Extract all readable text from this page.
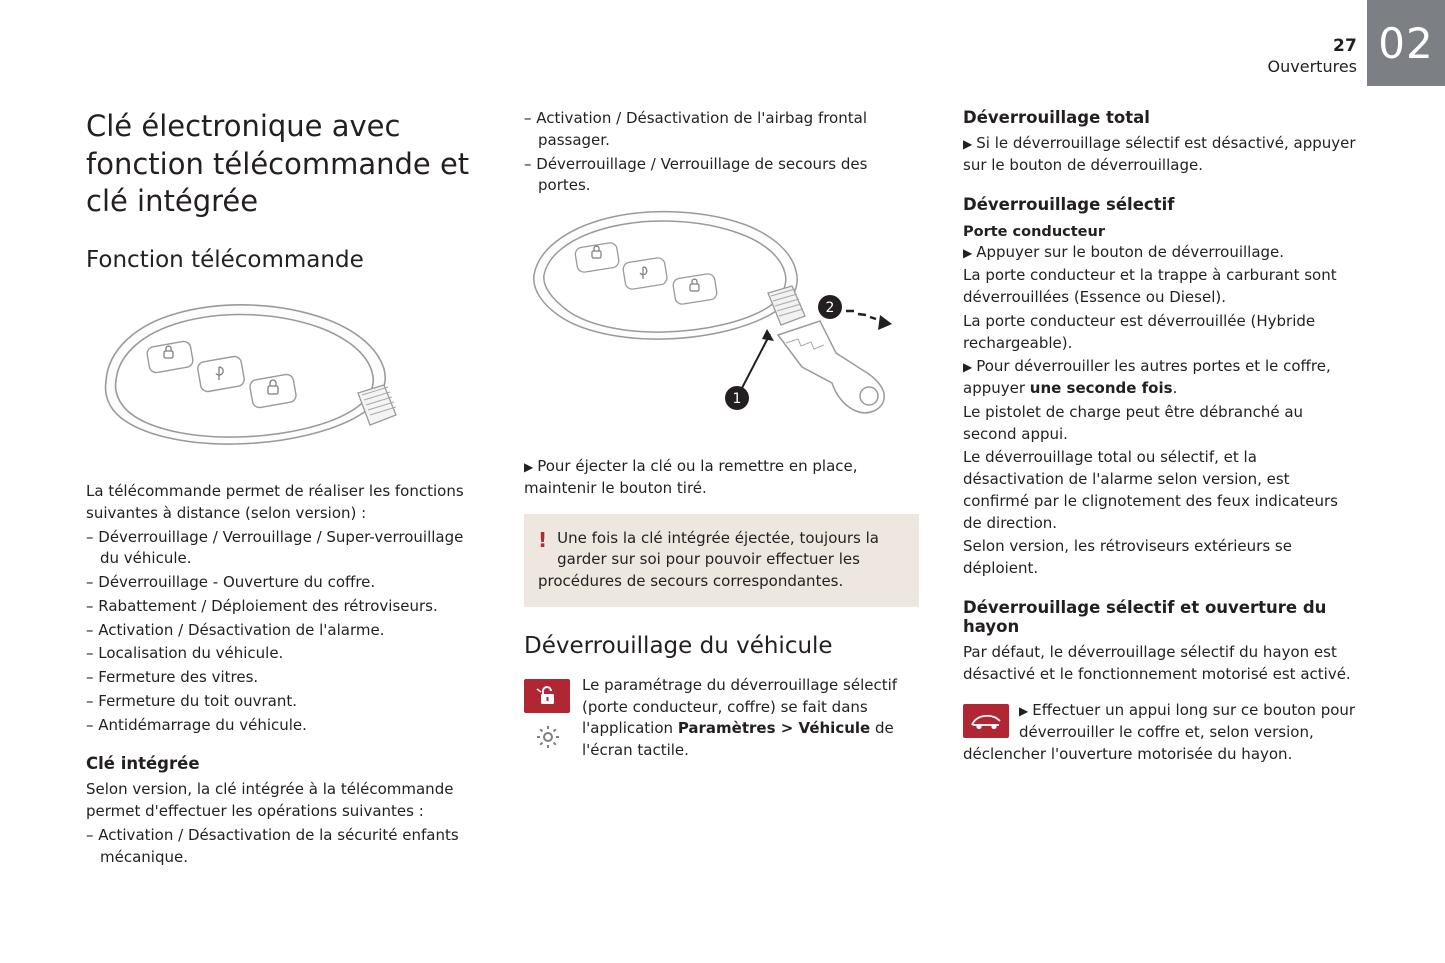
27
Ouvertures 02
Clé électronique avec fonction télécommande et clé intégrée
Fonction télécommande

La télécommande permet de réaliser les fonctions suivantes à distance (selon version) :

– Déverrouillage / Verrouillage / Super-verrouillage du véhicule.

– Déverrouillage - Ouverture du coffre.

– Rabattement / Déploiement des rétroviseurs.

– Activation / Désactivation de l'alarme.

– Localisation du véhicule.

– Fermeture des vitres.

– Fermeture du toit ouvrant.

– Antidémarrage du véhicule.

Clé intégrée

Selon version, la clé intégrée à la télécommande permet d'effectuer les opérations suivantes :

– Activation / Désactivation de la sécurité enfants mécanique.

– Activation / Désactivation de l'airbag frontal passager.

– Déverrouillage / Verrouillage de secours des portes.

1
2

▶ Pour éjecter la clé ou la remettre en place, maintenir le bouton tiré.

! Une fois la clé intégrée éjectée, toujours la garder sur soi pour pouvoir effectuer les procédures de secours correspondantes.

Déverrouillage du véhicule

Le paramétrage du déverrouillage sélectif (porte conducteur, coffre) se fait dans l'application Paramètres > Véhicule de l'écran tactile.

Déverrouillage total

▶ Si le déverrouillage sélectif est désactivé, appuyer sur le bouton de déverrouillage.

Déverrouillage sélectif
Porte conducteur

▶ Appuyer sur le bouton de déverrouillage.

La porte conducteur et la trappe à carburant sont déverrouillées (Essence ou Diesel).

La porte conducteur est déverrouillée (Hybride rechargeable).

▶ Pour déverrouiller les autres portes et le coffre, appuyer une seconde fois.

Le pistolet de charge peut être débranché au second appui.

Le déverrouillage total ou sélectif, et la désactivation de l'alarme selon version, est confirmé par le clignotement des feux indicateurs de direction.

Selon version, les rétroviseurs extérieurs se déploient.

Déverrouillage sélectif et ouverture du hayon

Par défaut, le déverrouillage sélectif du hayon est désactivé et le fonctionnement motorisé est activé.

▶ Effectuer un appui long sur ce bouton pour déverrouiller le coffre et, selon version, déclencher l'ouverture motorisée du hayon.
